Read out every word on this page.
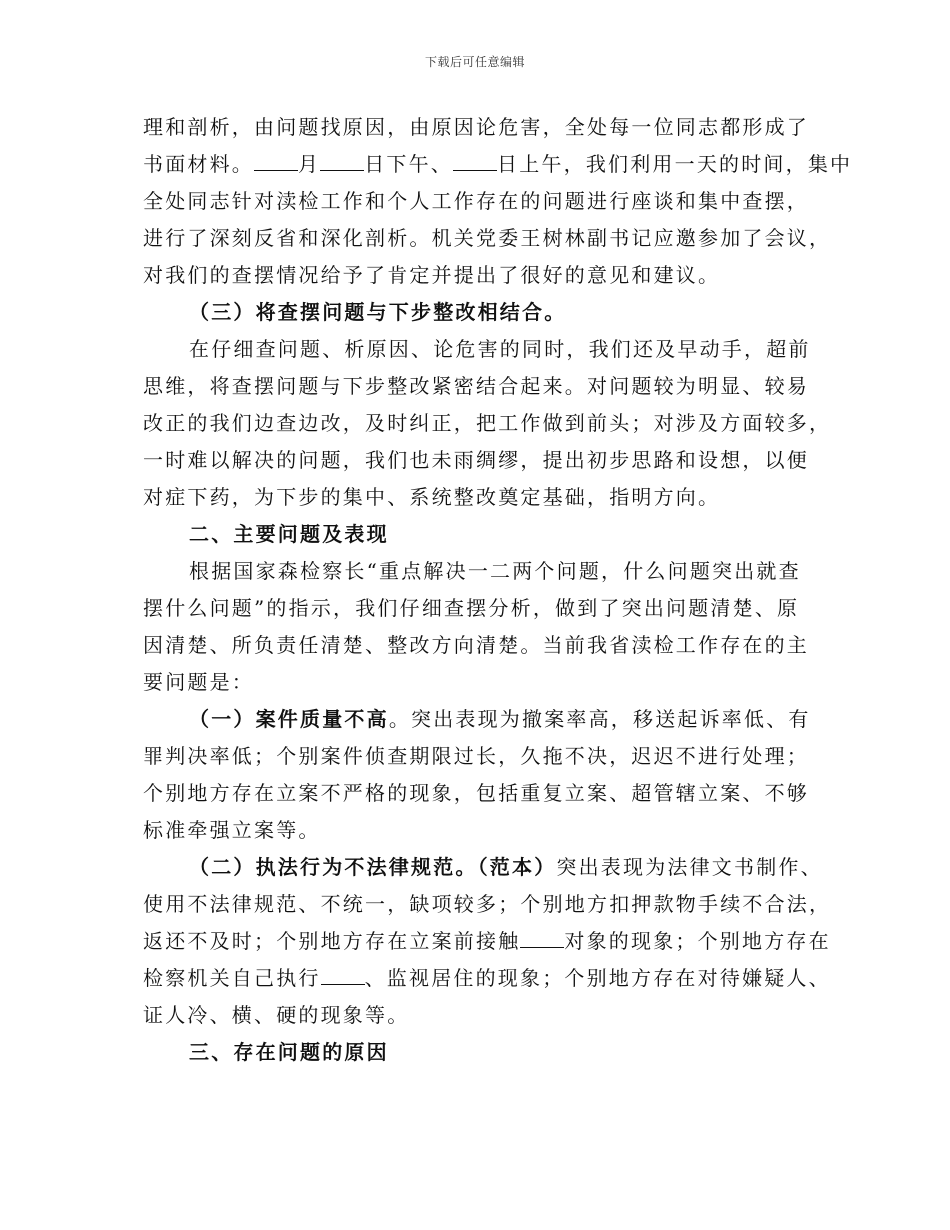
下载后可任意编辑
理和剖析，由问题找原因，由原因论危害，全处每一位同志都形成了
书面材料。 月 日下午、 日上午，我们利用一天的时间，集中
全处同志针对渎检工作和个人工作存在的问题进行座谈和集中查摆，
进行了深刻反省和深化剖析。机关党委王树林副书记应邀参加了会议，
对我们的查摆情况给予了肯定并提出了很好的意见和建议。
（三）将查摆问题与下步整改相结合。
在仔细查问题、析原因、论危害的同时，我们还及早动手，超前
思维，将查摆问题与下步整改紧密结合起来。对问题较为明显、较易
改正的我们边查边改，及时纠正，把工作做到前头；对涉及方面较多，
一时难以解决的问题，我们也未雨绸缪，提出初步思路和设想，以便
对症下药，为下步的集中、系统整改奠定基础，指明方向。
二、主要问题及表现
根据国家森检察长“重点解决一二两个问题，什么问题突出就查
摆什么问题”的指示，我们仔细查摆分析，做到了突出问题清楚、原
因清楚、所负责任清楚、整改方向清楚。当前我省渎检工作存在的主
要问题是：
（一）案件质量不高。突出表现为撤案率高，移送起诉率低、有
罪判决率低；个别案件侦查期限过长，久拖不决，迟迟不进行处理；
个别地方存在立案不严格的现象，包括重复立案、超管辖立案、不够
标准牵强立案等。
（二）执法行为不法律规范。（范本）突出表现为法律文书制作、
使用不法律规范、不统一，缺项较多；个别地方扣押款物手续不合法，
返还不及时；个别地方存在立案前接触 对象的现象；个别地方存在
检察机关自己执行 、监视居住的现象；个别地方存在对待嫌疑人、
证人冷、横、硬的现象等。
三、存在问题的原因
